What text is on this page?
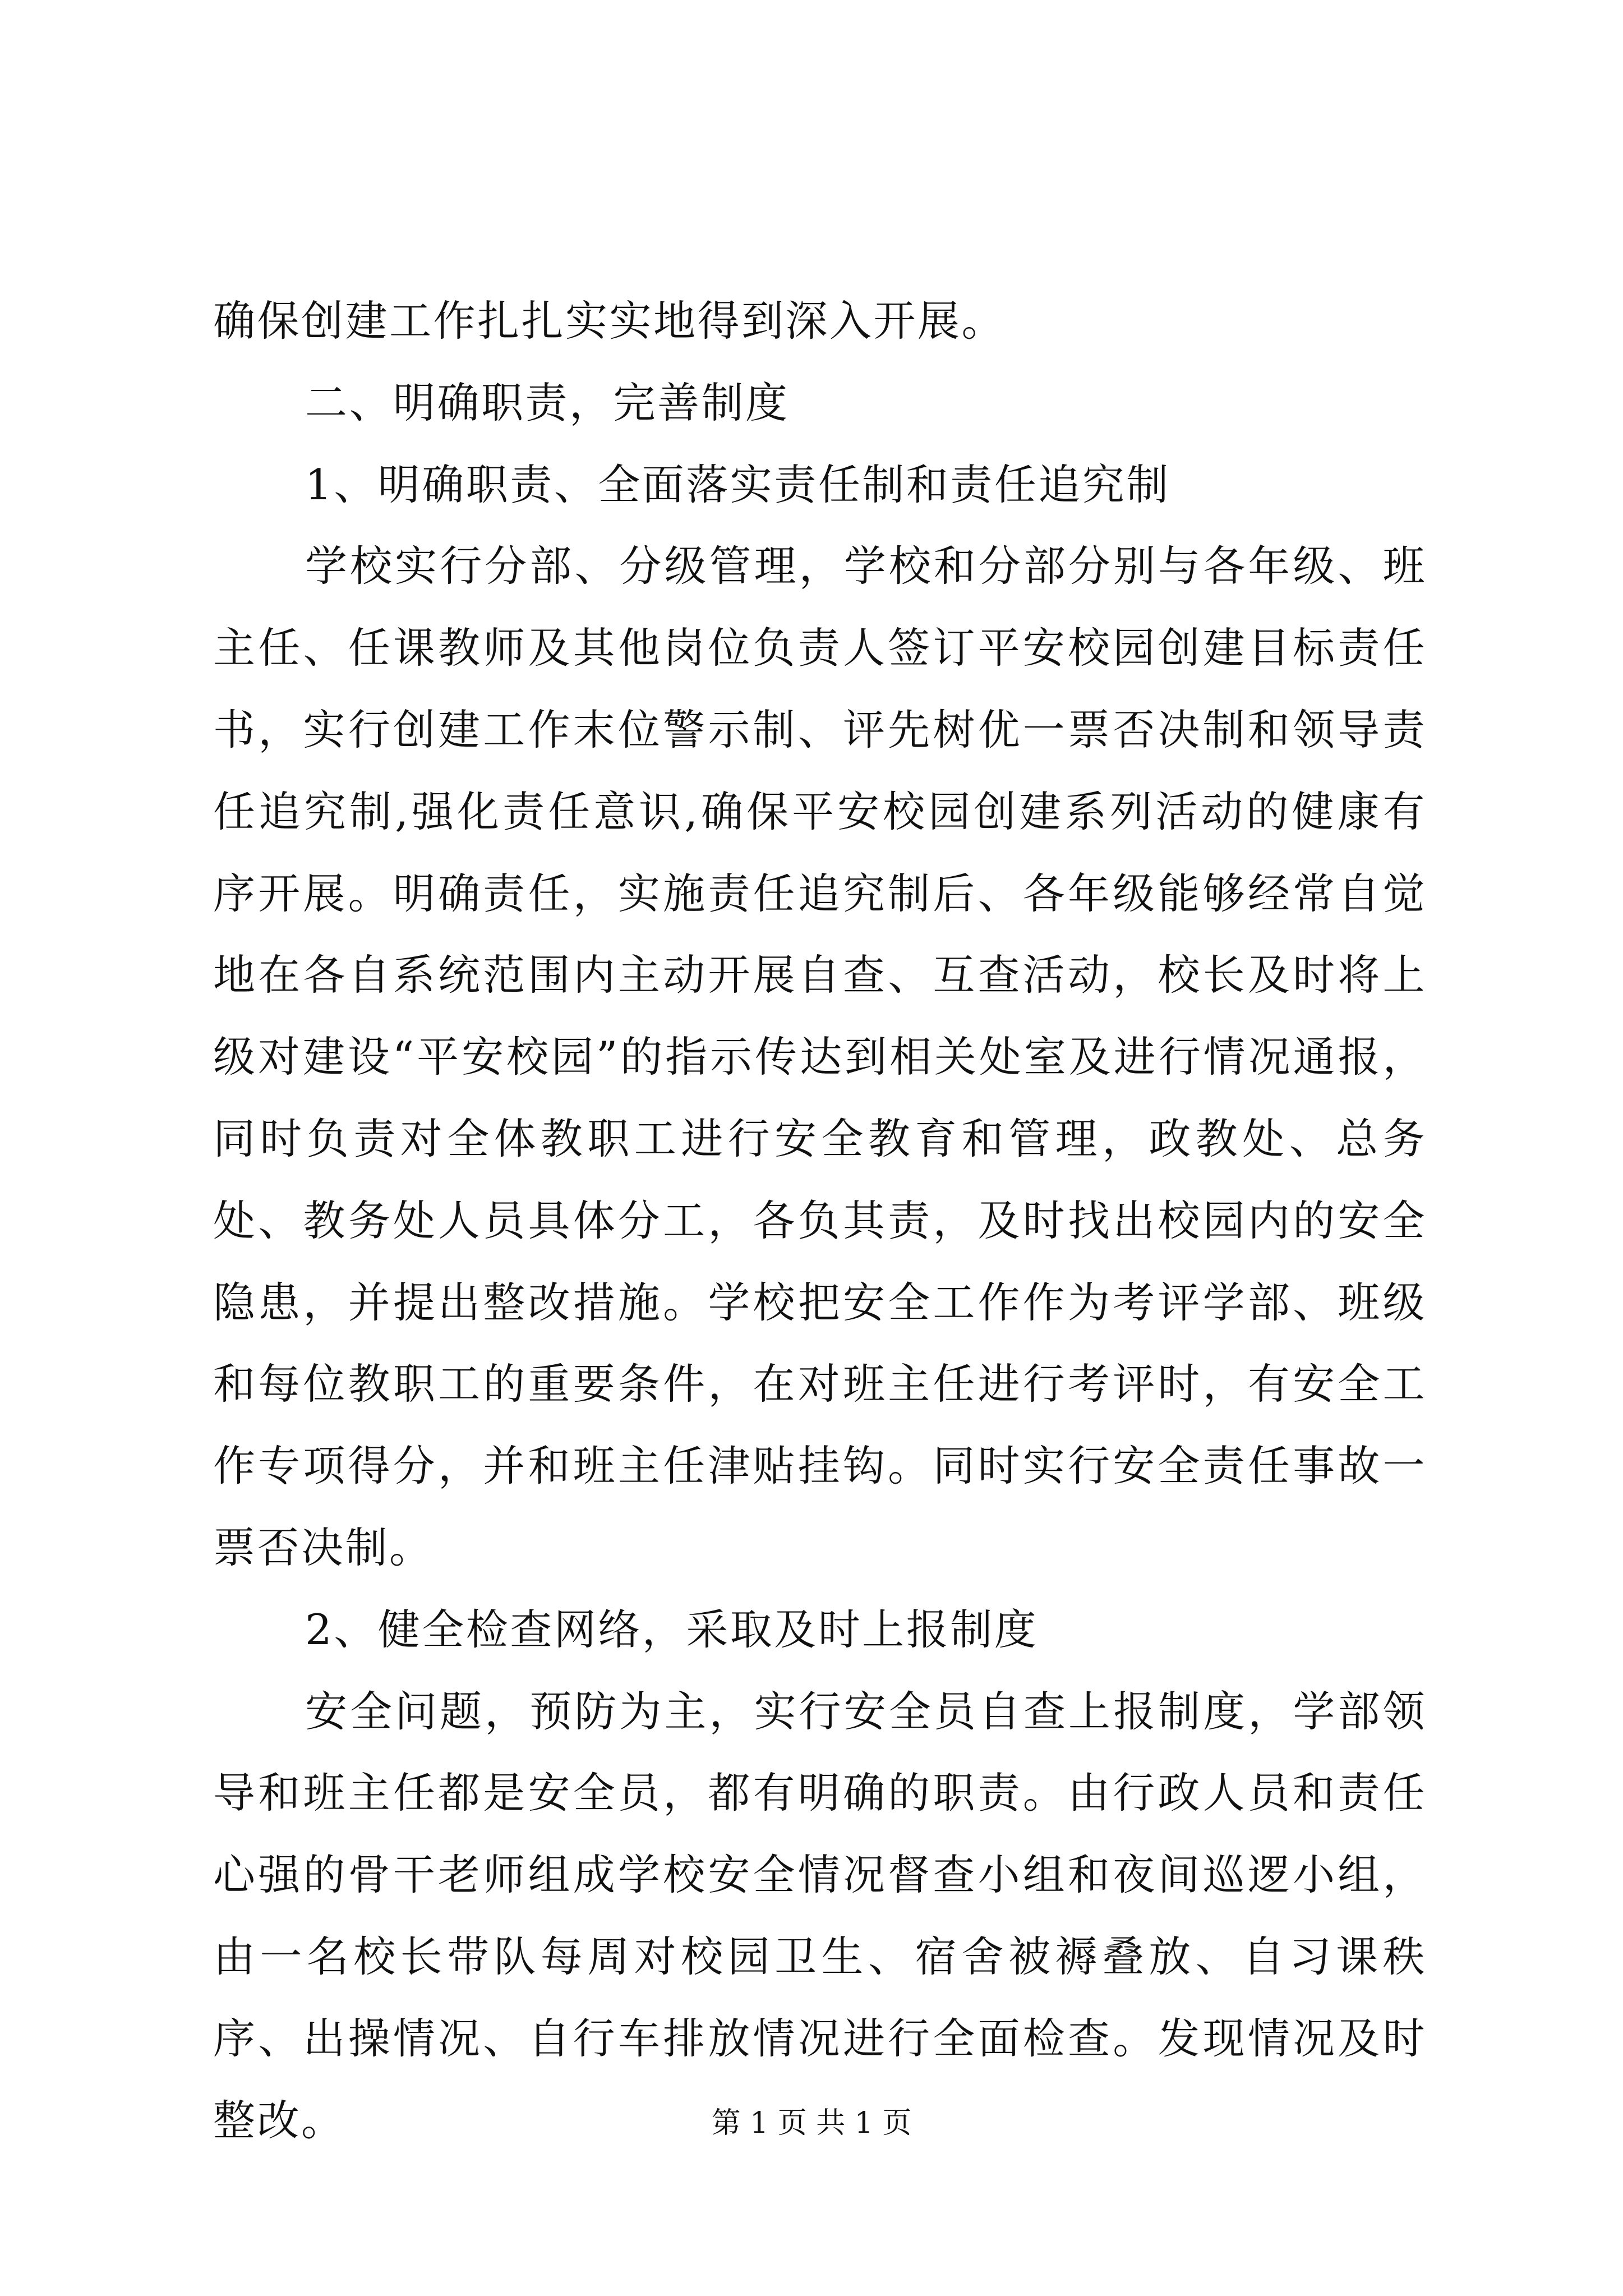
确保创建工作扎扎实实地得到深入开展。

二、明确职责，完善制度

1、明确职责、全面落实责任制和责任追究制

学校实行分部、分级管理，学校和分部分别与各年级、班主任、任课教师及其他岗位负责人签订平安校园创建目标责任书，实行创建工作末位警示制、评先树优一票否决制和领导责任追究制,强化责任意识,确保平安校园创建系列活动的健康有序开展。明确责任，实施责任追究制后、各年级能够经常自觉地在各自系统范围内主动开展自查、互查活动，校长及时将上级对建设“平安校园”的指示传达到相关处室及进行情况通报，同时负责对全体教职工进行安全教育和管理，政教处、总务处、教务处人员具体分工，各负其责，及时找出校园内的安全隐患，并提出整改措施。学校把安全工作作为考评学部、班级和每位教职工的重要条件，在对班主任进行考评时，有安全工作专项得分，并和班主任津贴挂钩。同时实行安全责任事故一票否决制。

2、健全检查网络，采取及时上报制度

安全问题，预防为主，实行安全员自查上报制度，学部领导和班主任都是安全员，都有明确的职责。由行政人员和责任心强的骨干老师组成学校安全情况督查小组和夜间巡逻小组，由一名校长带队每周对校园卫生、宿舍被褥叠放、自习课秩序、出操情况、自行车排放情况进行全面检查。发现情况及时整改。	第 1 页 共 1 页
